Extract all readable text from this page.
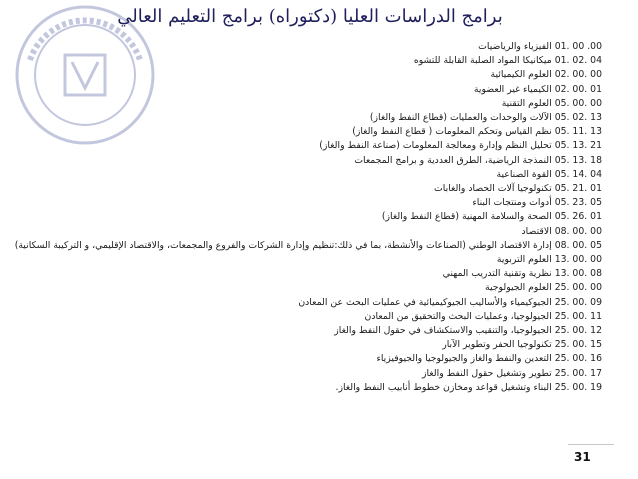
برامج الدراسات العليا (دكتوراه) برامج التعليم العالي
01. 00 .00 الفيزياء والرياضيات
01. 02. 04 ميكانيكا المواد الصلبة القابلة للتشوه
02. 00. 00 العلوم الكيميائية
02. 00. 01 الكيمياء غير العضوية
05. 00. 00 العلوم التقنية
05. 02. 13 الآلات والوحدات والعمليات (قطاع النفط والغاز)
05. 11. 13 نظم القياس وتحكم المعلومات ( قطاع النفط والغاز)
05. 13. 21 تحليل النظم وإدارة ومعالجة المعلومات (صناعة النفط والغاز)
05. 13. 18 النمذجة الرياضية، الطرق العددية و برامج المجمعات
05. 14. 04 القوة الصناعية
05. 21. 01 تكنولوجيا آلات الحصاد والغابات
05. 23. 05 أدوات ومنتجات البناء
05. 26. 01 الصحة والسلامة المهنية (قطاع النفط والغاز)
08. 00. 00 الاقتصاد
08. 00. 05 إدارة الاقتصاد الوطني (الصناعات والأنشطة، بما في ذلك:تنظيم وإدارة الشركات والفروع والمجمعات، والاقتصاد الإقليمي، و التركيبة السكانية)
13. 00. 00 العلوم التربوية
13. 00. 08 نظرية وتقنية التدريب المهني
25. 00. 00 العلوم الجيولوجية
25. 00. 09 الجيوكيمياء والأساليب الجيوكيميائية في عمليات البحث عن المعادن
25. 00. 11 الجيولوجيا، وعمليات البحث والتحقيق من المعادن
25. 00. 12 الجيولوجيا، والتنقيب والاستكشاف في حقول النفط والغاز
25. 00. 15 تكنولوجيا الحفر وتطوير الآبار
25. 00. 16 التعدين والنفط والغاز والجيولوجيا والجيوفيزياء
25. 00. 17 تطوير وتشغيل حقول النفط والغاز
25. 00. 19 البناء وتشغيل قواعد ومخازن خطوط أنابيب النفط والغاز.
31
